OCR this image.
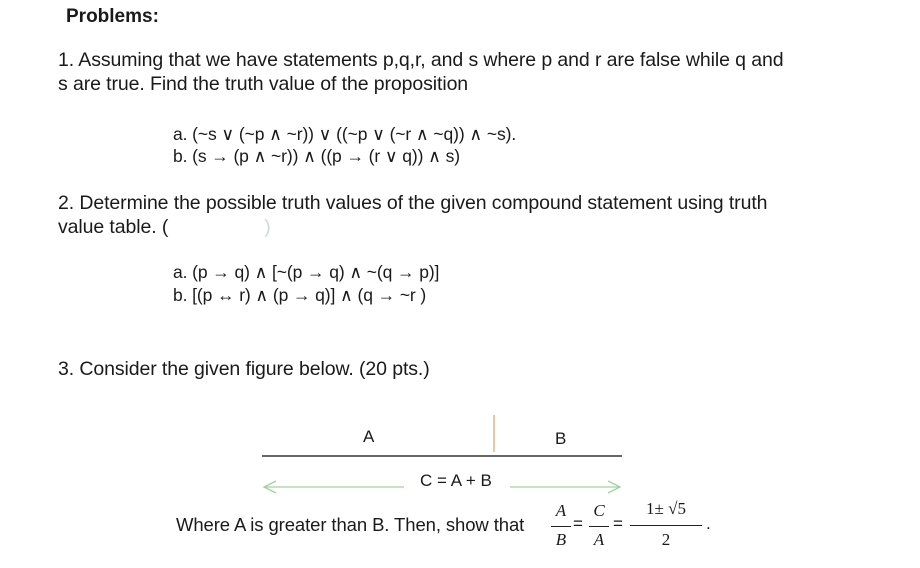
Problems:
1. Assuming that we have statements p,q,r, and s where p and r are false while q and
s are true. Find the truth value of the proposition
a. (~s ∨ (~p ∧ ~r)) ∨ ((~p ∨ (~r ∧ ~q)) ∧ ~s).
b. (s → (p ∧ ~r)) ∧ ((p → (r ∨ q)) ∧ s)
2. Determine the possible truth values of the given compound statement using truth
value table. (	)
a. (p → q) ∧ [~(p → q) ∧ ~(q → p)]
b. [(p ↔ r) ∧ (p → q)] ∧ (q → ~r )
3. Consider the given figure below. (20 pts.)
A	B
C = A + B
Where A is greater than B. Then, show that
A
B
=
C
A
=
1± √5
2
.
